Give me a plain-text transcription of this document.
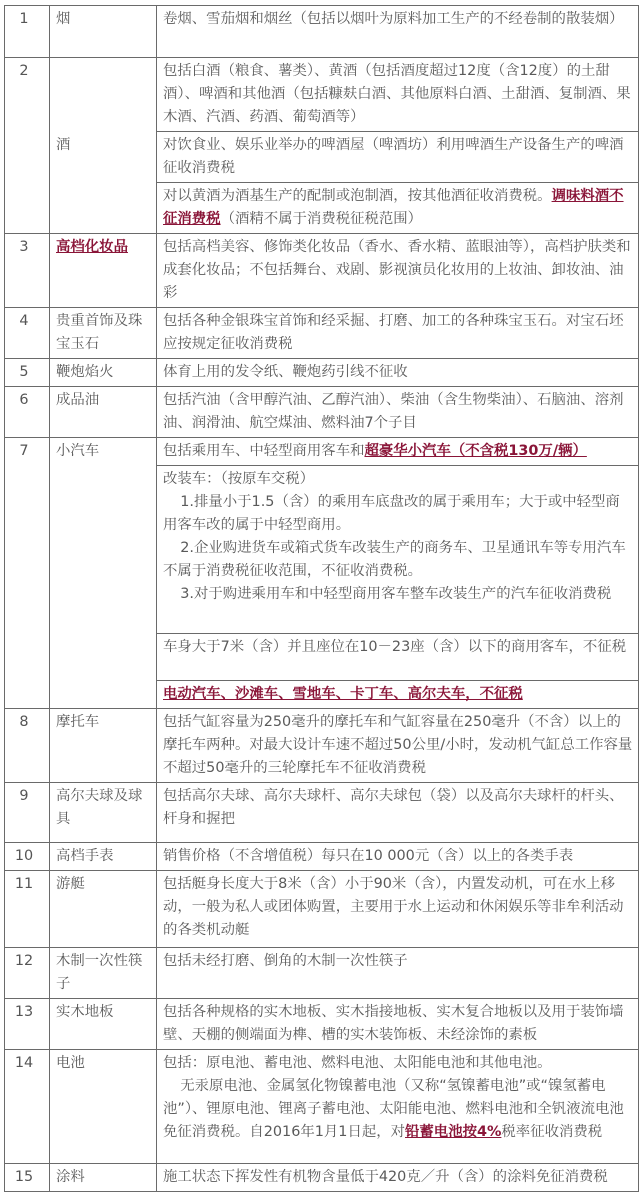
1	烟	卷烟、雪茄烟和烟丝（包括以烟叶为原料加工生产的不经卷制的散装烟）

2	酒	包括白酒（粮食、薯类）、黄酒（包括酒度超过12度（含12度）的土甜酒）、啤酒和其他酒（包括糠麸白酒、其他原料白酒、土甜酒、复制酒、果木酒、汽酒、药酒、葡萄酒等）

		对饮食业、娱乐业举办的啤酒屋（啤酒坊）利用啤酒生产设备生产的啤酒征收消费税

		对以黄酒为酒基生产的配制或泡制酒，按其他酒征收消费税。调味料酒不征消费税（酒精不属于消费税征税范围）

3	高档化妆品	包括高档美容、修饰类化妆品（香水、香水精、蓝眼油等），高档护肤类和成套化妆品；不包括舞台、戏剧、影视演员化妆用的上妆油、卸妆油、油彩

4	贵重首饰及珠宝玉石	包括各种金银珠宝首饰和经采掘、打磨、加工的各种珠宝玉石。对宝石坯应按规定征收消费税

5	鞭炮焰火	体育上用的发令纸、鞭炮药引线不征收

6	成品油	包括汽油（含甲醇汽油、乙醇汽油）、柴油（含生物柴油）、石脑油、溶剂油、润滑油、航空煤油、燃料油7个子目

7	小汽车	包括乘用车、中轻型商用客车和超豪华小汽车（不含税130万/辆）

		改装车：（按原车交税）
1.排量小于1.5（含）的乘用车底盘改的属于乘用车；大于或中轻型商用客车改的属于中轻型商用。
2.企业购进货车或箱式货车改装生产的商务车、卫星通讯车等专用汽车不属于消费税征收范围，不征收消费税。
3.对于购进乘用车和中轻型商用客车整车改装生产的汽车征收消费税

		车身大于7米（含）并且座位在10－23座（含）以下的商用客车，不征税

		电动汽车、沙滩车、雪地车、卡丁车、高尔夫车，不征税

8	摩托车	包括气缸容量为250毫升的摩托车和气缸容量在250毫升（不含）以上的摩托车两种。对最大设计车速不超过50公里/小时，发动机气缸总工作容量不超过50毫升的三轮摩托车不征收消费税

9	高尔夫球及球具	包括高尔夫球、高尔夫球杆、高尔夫球包（袋）以及高尔夫球杆的杆头、杆身和握把

10	高档手表	销售价格（不含增值税）每只在10 000元（含）以上的各类手表

11	游艇	包括艇身长度大于8米（含）小于90米（含），内置发动机，可在水上移动，一般为私人或团体购置，主要用于水上运动和休闲娱乐等非牟利活动的各类机动艇

12	木制一次性筷子	包括未经打磨、倒角的木制一次性筷子

13	实木地板	包括各种规格的实木地板、实木指接地板、实木复合地板以及用于装饰墙壁、天棚的侧端面为榫、槽的实木装饰板、未经涂饰的素板

14	电池	包括：原电池、蓄电池、燃料电池、太阳能电池和其他电池。
无汞原电池、金属氢化物镍蓄电池（又称“氢镍蓄电池”或“镍氢蓄电池”）、锂原电池、锂离子蓄电池、太阳能电池、燃料电池和全钒液流电池免征消费税。自2016年1月1日起，对铅蓄电池按4%税率征收消费税

15	涂料	施工状态下挥发性有机物含量低于420克／升（含）的涂料免征消费税
